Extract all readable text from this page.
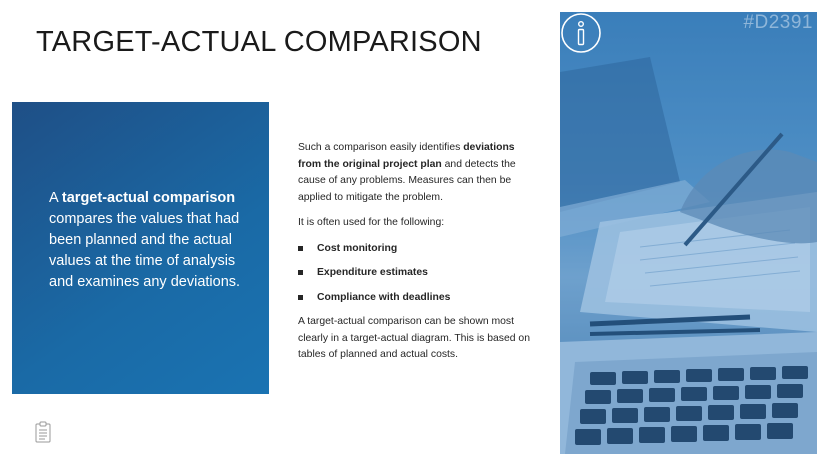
TARGET-ACTUAL COMPARISON

A target-actual comparison compares the values that had been planned and the actual values at the time of analysis and examines any deviations.

Such a comparison easily identifies deviations from the original project plan and detects the cause of any problems. Measures can then be applied to mitigate the problem.

It is often used for the following:

Cost monitoring
Expenditure estimates
Compliance with deadlines

A target-actual comparison can be shown most clearly in a target-actual diagram. This is based on tables of planned and actual costs.

#D2391
